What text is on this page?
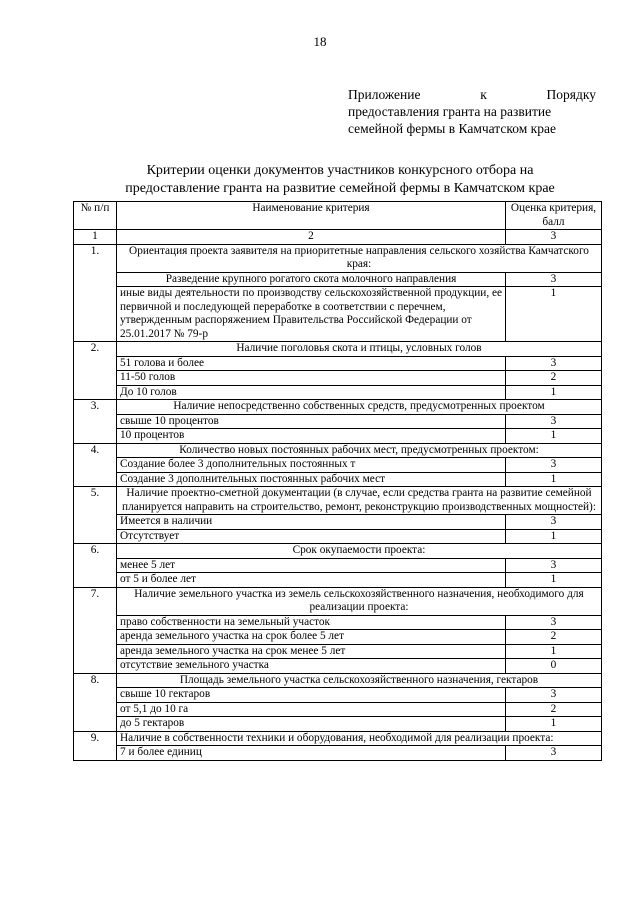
18
Приложение	к	Порядку
предоставления гранта на развитие
семейной фермы в Камчатском крае
Критерии оценки документов участников конкурсного отбора на
предоставление гранта на развитие семейной фермы в Камчатском крае
№ п/п	Наименование критерия	Оценка критерия, балл
1	2	3
1.	Ориентация проекта заявителя на приоритетные направления сельского хозяйства Камчатского края:	
	Разведение крупного рогатого скота молочного направления	3
	иные виды деятельности по производству сельскохозяйственной продукции, ее первичной и последующей переработке в соответствии с перечнем, утвержденным распоряжением Правительства Российской Федерации от 25.01.2017 № 79-р	1
2.	Наличие поголовья скота и птицы, условных голов	
	51 голова и более	3
	11-50 голов	2
	До 10 голов	1
3.	Наличие непосредственно собственных средств, предусмотренных проектом	
	свыше 10 процентов	3
	10 процентов	1
4.	Количество новых постоянных рабочих мест, предусмотренных проектом:	
	Создание более 3 дополнительных постоянных т	3
	Создание 3 дополнительных постоянных рабочих мест	1
5.	Наличие проектно-сметной документации (в случае, если средства гранта на развитие семейной планируется направить на строительство, ремонт, реконструкцию производственных мощностей):	
	Имеется в наличии	3
	Отсутствует	1
6.	Срок окупаемости проекта:	
	менее 5 лет	3
	от 5 и более лет	1
7.	Наличие земельного участка из земель сельскохозяйственного назначения, необходимого для реализации проекта:	
	право собственности на земельный участок	3
	аренда земельного участка на срок более 5 лет	2
	аренда земельного участка на срок менее 5 лет	1
	отсутствие земельного участка	0
8.	Площадь земельного участка сельскохозяйственного назначения, гектаров	
	свыше 10 гектаров	3
	от 5,1 до 10 га	2
	до 5 гектаров	1
9.	Наличие в собственности техники и оборудования, необходимой для реализации проекта:	
	7 и более единиц	3
